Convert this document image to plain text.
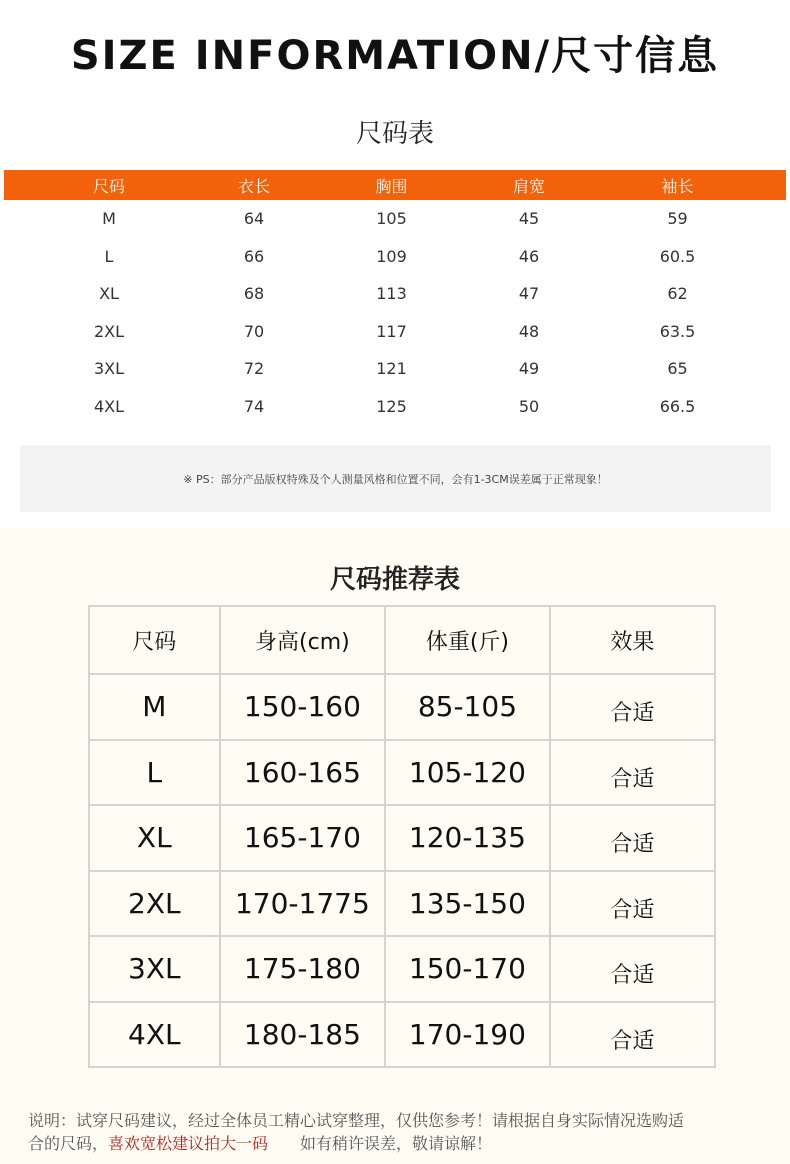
SIZE INFORMATION/尺寸信息
尺码表
尺码	衣长	胸围	肩宽	袖长
M	64	105	45	59
L	66	109	46	60.5
XL	68	113	47	62
2XL	70	117	48	63.5
3XL	72	121	49	65
4XL	74	125	50	66.5
※ PS：部分产品版权特殊及个人测量风格和位置不同，会有1-3CM误差属于正常现象！
尺码推荐表
尺码	身高(cm)	体重(斤)	效果
M	150-160	85-105	合适
L	160-165	105-120	合适
XL	165-170	120-135	合适
2XL	170-1775	135-150	合适
3XL	175-180	150-170	合适
4XL	180-185	170-190	合适
说明：试穿尺码建议，经过全体员工精心试穿整理，仅供您参考！请根据自身实际情况选购适
合的尺码，喜欢宽松建议拍大一码　　如有稍许误差，敬请谅解！
